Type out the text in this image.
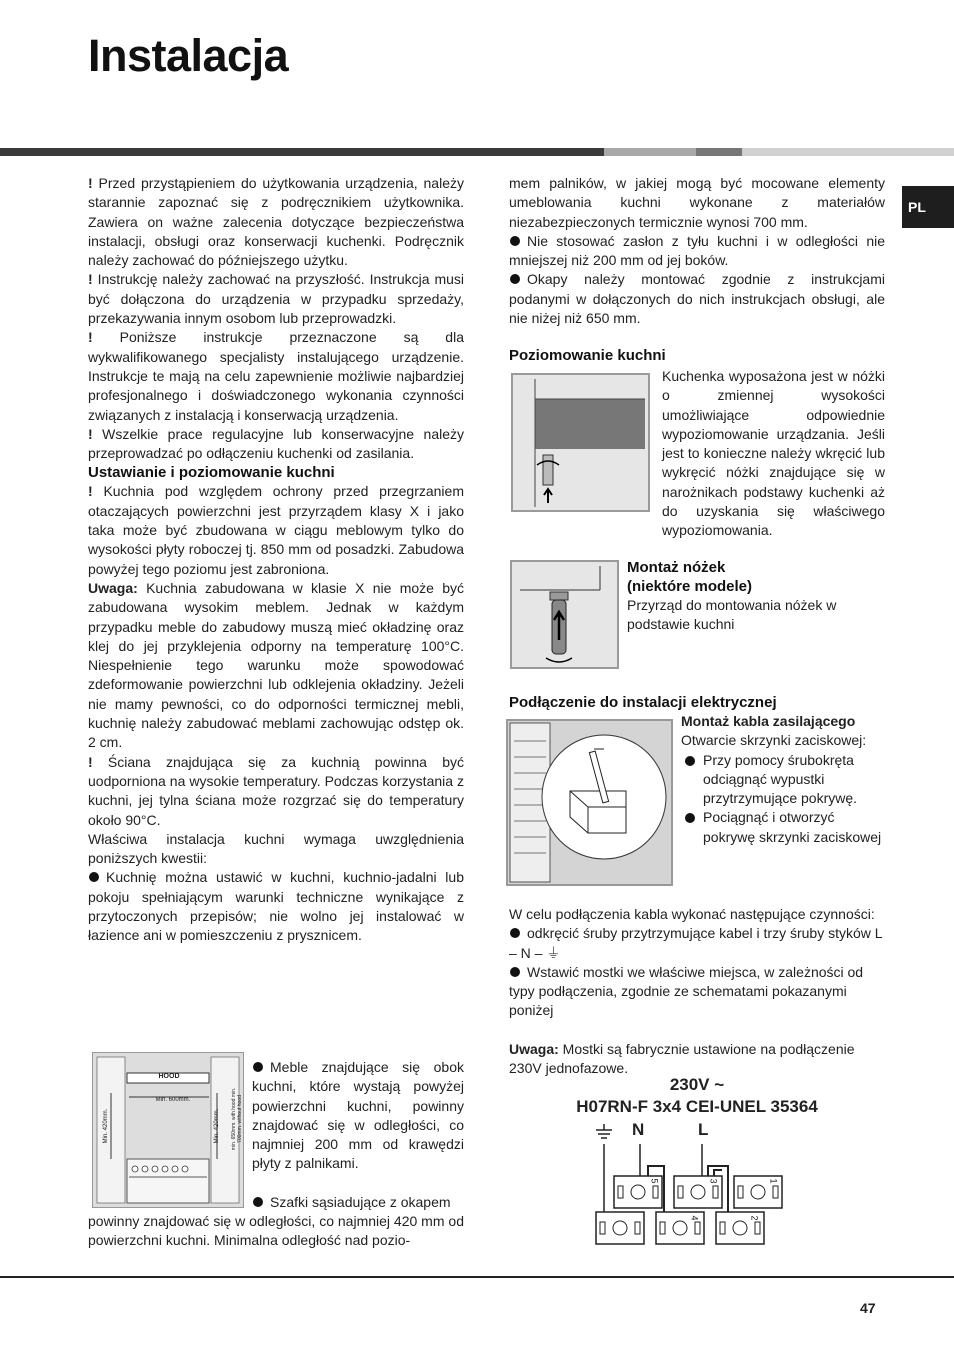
Instalacja
PL

! Przed przystąpieniem do użytkowania urządzenia, należy starannie zapoznać się z podręcznikiem użytkownika. Zawiera on ważne zalecenia dotyczące bezpieczeństwa instalacji, obsługi oraz konserwacji kuchenki. Podręcznik należy zachować do późniejszego użytku.

! Instrukcję należy zachować na przyszłość. Instrukcja musi być dołączona do urządzenia w przypadku sprzedaży, przekazywania innym osobom lub przeprowadzki.

! Poniższe instrukcje przeznaczone są dla wykwalifikowanego specjalisty instalującego urządzenie. Instrukcje te mają na celu zapewnienie możliwie najbardziej profesjonalnego i doświadczonego wykonania czynności związanych z instalacją i konserwacją urządzenia.

! Wszelkie prace regulacyjne lub konserwacyjne należy przeprowadzać po odłączeniu kuchenki od zasilania.

Ustawianie i poziomowanie kuchni

! Kuchnia pod względem ochrony przed przegrzaniem otaczających powierzchni jest przyrządem klasy X i jako taka może być zbudowana w ciągu meblowym tylko do wysokości płyty roboczej tj. 850 mm od posadzki. Zabudowa powyżej tego poziomu jest zabroniona.

Uwaga: Kuchnia zabudowana w klasie X nie może być zabudowana wysokim meblem. Jednak w każdym przypadku meble do zabudowy muszą mieć okładzinę oraz klej do jej przyklejenia odporny na temperaturę 100°C. Niespełnienie tego warunku może spowodować zdeformowanie powierzchni lub odklejenia okładziny. Jeżeli nie mamy pewności, co do odporności termicznej mebli, kuchnię należy zabudować meblami zachowując odstęp ok. 2 cm.

! Ściana znajdująca się za kuchnią powinna być uodporniona na wysokie temperatury. Podczas korzystania z kuchni, jej tylna ściana może rozgrzać się do temperatury około 90°C.

Właściwa instalacja kuchni wymaga uwzględnienia poniższych kwestii:

Kuchnię można ustawić w kuchni, kuchnio-jadalni lub pokoju spełniającym warunki techniczne wynikające z przytoczonych przepisów; nie wolno jej instalować w łazience ani w pomieszczeniu z prysznicem.

HOOD
Min. 600mm.
Min. 420mm.	Min. 420mm. min. 650mm. with hood min. 700mm. without hood

Meble znajdujące się obok kuchni, które wystają powyżej powierzchni kuchni, powinny znajdować się w odległości, co najmniej 200 mm od krawędzi płyty z palnikami.

Szafki sąsiadujące z okapem

powinny znajdować się w odległości, co najmniej 420 mm od powierzchni kuchni. Minimalna odległość nad pozio-

mem palników, w jakiej mogą być mocowane elementy umeblowania kuchni wykonane z materiałów niezabezpieczonych termicznie wynosi 700 mm.

Nie stosować zasłon z tyłu kuchni i w odległości nie mniejszej niż 200 mm od jej boków.

Okapy należy montować zgodnie z instrukcjami podanymi w dołączonych do nich instrukcjach obsługi, ale nie niżej niż 650 mm.

Poziomowanie kuchni

Kuchenka wyposażona jest w nóżki o zmiennej wysokości umożliwiające odpowiednie wypoziomowanie urządzania. Jeśli jest to konieczne należy wkręcić lub wykręcić nóżki znajdujące się w narożnikach podstawy kuchenki aż do uzyskania się właściwego wypoziomowania.

Montaż nóżek
(niektóre modele)

Przyrząd do montowania nóżek w podstawie kuchni

Podłączenie do instalacji elektrycznej

Montaż kabla zasilającego

Otwarcie skrzynki zaciskowej:

Przy pomocy śrubokręta odciągnąć wypustki przytrzymujące pokrywę.

Pociągnąć i otworzyć pokrywę skrzynki zaciskowej

W celu podłączenia kabla wykonać następujące czynności:

odkręcić śruby przytrzymujące kabel i trzy śruby styków L – N – ⏚

Wstawić mostki we właściwe miejsca, w zależności od typy podłączenia, zgodnie ze schematami pokazanymi poniżej

Uwaga: Mostki są fabrycznie ustawione na podłączenie 230V jednofazowe.

230V ~
H07RN-F 3x4 CEI-UNEL 35364
N	L
5	3	1
4	2
47
